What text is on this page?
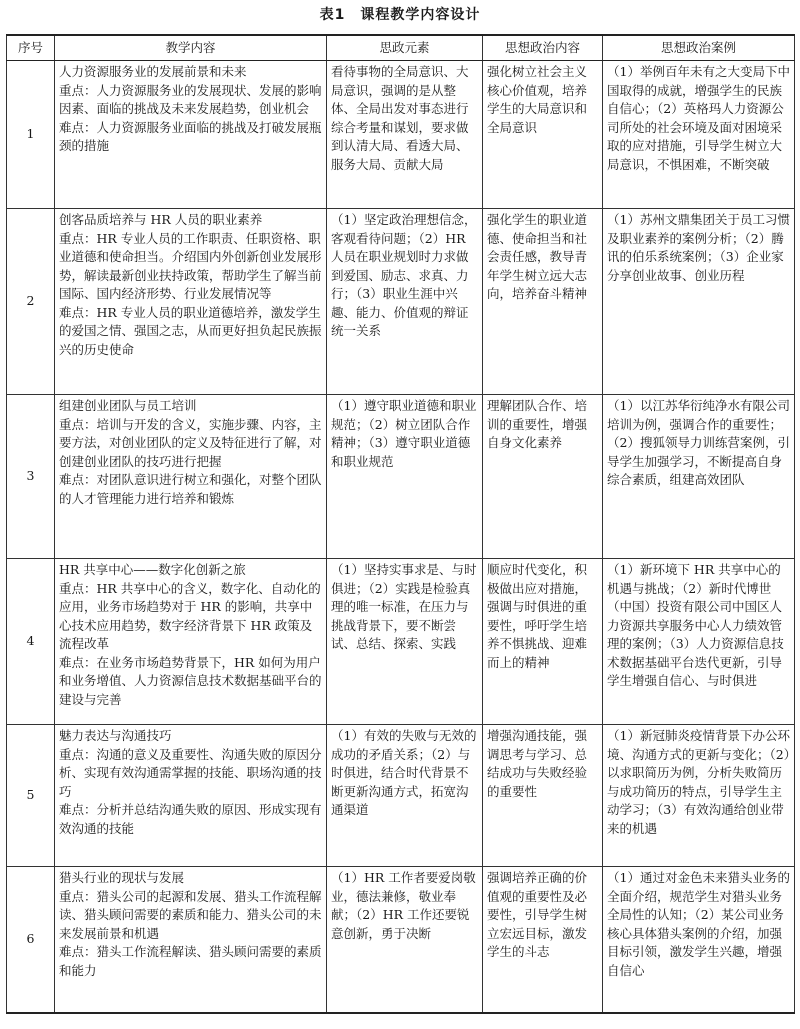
表1　课程教学内容设计
序号	教学内容	思政元素	思想政治内容	思想政治案例
1	人力资源服务业的发展前景和未来
重点：人力资源服务业的发展现状、发展的影响因素、面临的挑战及未来发展趋势，创业机会
难点：人力资源服务业面临的挑战及打破发展瓶颈的措施	看待事物的全局意识、大局意识，强调的是从整体、全局出发对事态进行综合考量和谋划，要求做到认清大局、看透大局、服务大局、贡献大局	强化树立社会主义核心价值观，培养学生的大局意识和全局意识	（1）举例百年未有之大变局下中国取得的成就，增强学生的民族自信心；（2）英格玛人力资源公司所处的社会环境及面对困境采取的应对措施，引导学生树立大局意识，不惧困难，不断突破
2	创客品质培养与 HR 人员的职业素养
重点：HR 专业人员的工作职责、任职资格、职业道德和使命担当。介绍国内外创新创业发展形势，解读最新创业扶持政策，帮助学生了解当前国际、国内经济形势、行业发展情况等
难点：HR 专业人员的职业道德培养，激发学生的爱国之情、强国之志，从而更好担负起民族振兴的历史使命	（1）坚定政治理想信念，客观看待问题；（2）HR 人员在职业规划时力求做到爱国、励志、求真、力行；（3）职业生涯中兴趣、能力、价值观的辩证统一关系	强化学生的职业道德、使命担当和社会责任感，教导青年学生树立远大志向，培养奋斗精神	（1）苏州文鼎集团关于员工习惯及职业素养的案例分析；（2）腾讯的伯乐系统案例；（3）企业家分享创业故事、创业历程
3	组建创业团队与员工培训
重点：培训与开发的含义，实施步骤、内容，主要方法，对创业团队的定义及特征进行了解，对创建创业团队的技巧进行把握
难点：对团队意识进行树立和强化，对整个团队的人才管理能力进行培养和锻炼	（1）遵守职业道德和职业规范；（2）树立团队合作精神；（3）遵守职业道德和职业规范	理解团队合作、培训的重要性，增强自身文化素养	（1）以江苏华衍纯净水有限公司培训为例，强调合作的重要性；（2）搜狐领导力训练营案例，引导学生加强学习，不断提高自身综合素质，组建高效团队
4	HR 共享中心——数字化创新之旅
重点：HR 共享中心的含义，数字化、自动化的应用，业务市场趋势对于 HR 的影响，共享中心技术应用趋势，数字经济背景下 HR 政策及流程改革
难点：在业务市场趋势背景下，HR 如何为用户和业务增值、人力资源信息技术数据基础平台的建设与完善	（1）坚持实事求是、与时俱进；（2）实践是检验真理的唯一标准，在压力与挑战背景下，要不断尝试、总结、探索、实践	顺应时代变化，积极做出应对措施，强调与时俱进的重要性，呼吁学生培养不惧挑战、迎难而上的精神	（1）新环境下 HR 共享中心的机遇与挑战；（2）新时代博世（中国）投资有限公司中国区人力资源共享服务中心人力绩效管理的案例；（3）人力资源信息技术数据基础平台迭代更新，引导学生增强自信心、与时俱进
5	魅力表达与沟通技巧
重点：沟通的意义及重要性、沟通失败的原因分析、实现有效沟通需掌握的技能、职场沟通的技巧
难点：分析并总结沟通失败的原因、形成实现有效沟通的技能	（1）有效的失败与无效的成功的矛盾关系；（2）与时俱进，结合时代背景不断更新沟通方式，拓宽沟通渠道	增强沟通技能，强调思考与学习、总结成功与失败经验的重要性	（1）新冠肺炎疫情背景下办公环境、沟通方式的更新与变化；（2）以求职简历为例，分析失败简历与成功简历的特点，引导学生主动学习；（3）有效沟通给创业带来的机遇
6	猎头行业的现状与发展
重点：猎头公司的起源和发展、猎头工作流程解读、猎头顾问需要的素质和能力、猎头公司的未来发展前景和机遇
难点：猎头工作流程解读、猎头顾问需要的素质和能力	（1）HR 工作者要爱岗敬业，德法兼修，敬业奉献；（2）HR 工作还要锐意创新，勇于决断	强调培养正确的价值观的重要性及必要性，引导学生树立宏远目标，激发学生的斗志	（1）通过对金色未来猎头业务的全面介绍，规范学生对猎头业务全局性的认知；（2）某公司业务核心具体猎头案例的介绍，加强目标引领，激发学生兴趣，增强自信心
